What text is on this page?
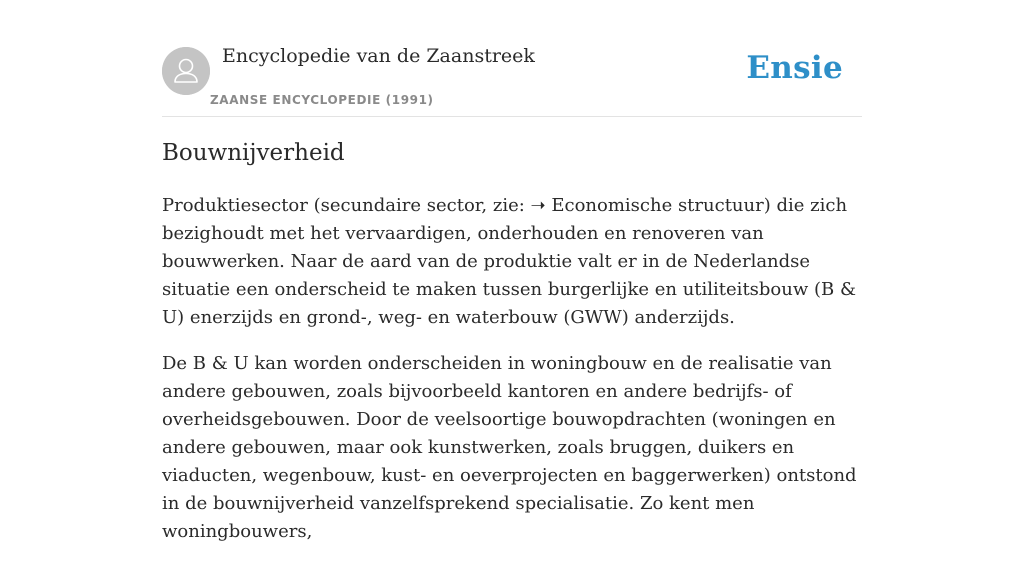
Encyclopedie van de Zaanstreek
ZAANSE ENCYCLOPEDIE (1991)
Ensie
Bouwnijverheid

Produktiesector (secundaire sector, zie: ➝ Economische structuur) die zich bezighoudt met het vervaardigen, onderhouden en renoveren van bouwwerken. Naar de aard van de produktie valt er in de Nederlandse situatie een onderscheid te maken tussen burgerlijke en utiliteitsbouw (B & U) enerzijds en grond-, weg- en waterbouw (GWW) anderzijds.

De B & U kan worden onderscheiden in woningbouw en de realisatie van andere gebouwen, zoals bijvoorbeeld kantoren en andere bedrijfs- of overheidsgebouwen. Door de veelsoortige bouwopdrachten (woningen en andere gebouwen, maar ook kunstwerken, zoals bruggen, duikers en viaducten, wegenbouw, kust- en oeverprojecten en baggerwerken) ontstond in de bouwnijverheid vanzelfsprekend specialisatie. Zo kent men woningbouwers,
